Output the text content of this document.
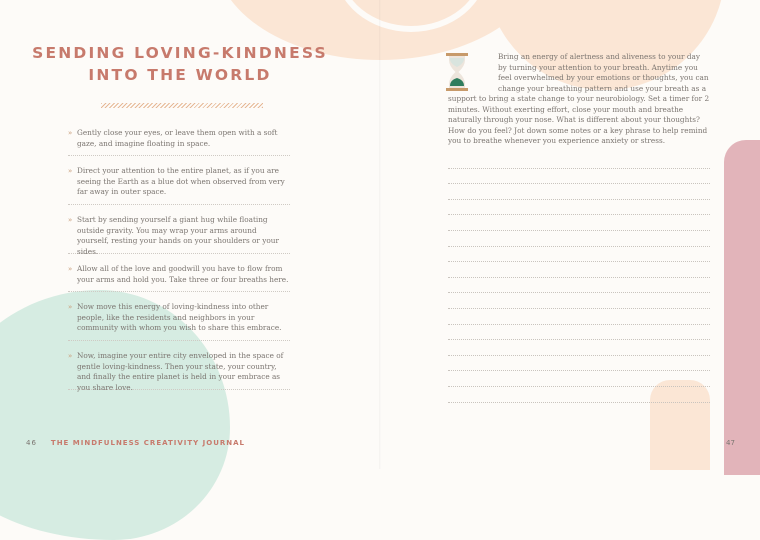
SENDING LOVING-KINDNESS INTO THE WORLD
» Gently close your eyes, or leave them open with a soft gaze, and imagine floating in space.
» Direct your attention to the entire planet, as if you are seeing the Earth as a blue dot when observed from very far away in outer space.
» Start by sending yourself a giant hug while floating outside gravity. You may wrap your arms around yourself, resting your hands on your shoulders or your sides.
» Allow all of the love and goodwill you have to flow from your arms and hold you. Take three or four breaths here.
» Now move this energy of loving-kindness into other people, like the residents and neighbors in your community with whom you wish to share this embrace.
» Now, imagine your entire city enveloped in the space of gentle loving-kindness. Then your state, your country, and finally the entire planet is held in your embrace as you share love.
46 THE MINDFULNESS CREATIVITY JOURNAL

Bring an energy of alertness and aliveness to your day by turning your attention to your breath. Anytime you feel overwhelmed by your emotions or thoughts, you can change your breathing pattern and use your breath as a support to bring a state change to your neurobiology. Set a timer for 2 minutes. Without exerting effort, close your mouth and breathe naturally through your nose. What is different about your thoughts? How do you feel? Jot down some notes or a key phrase to help remind you to breathe whenever you experience anxiety or stress.

47
